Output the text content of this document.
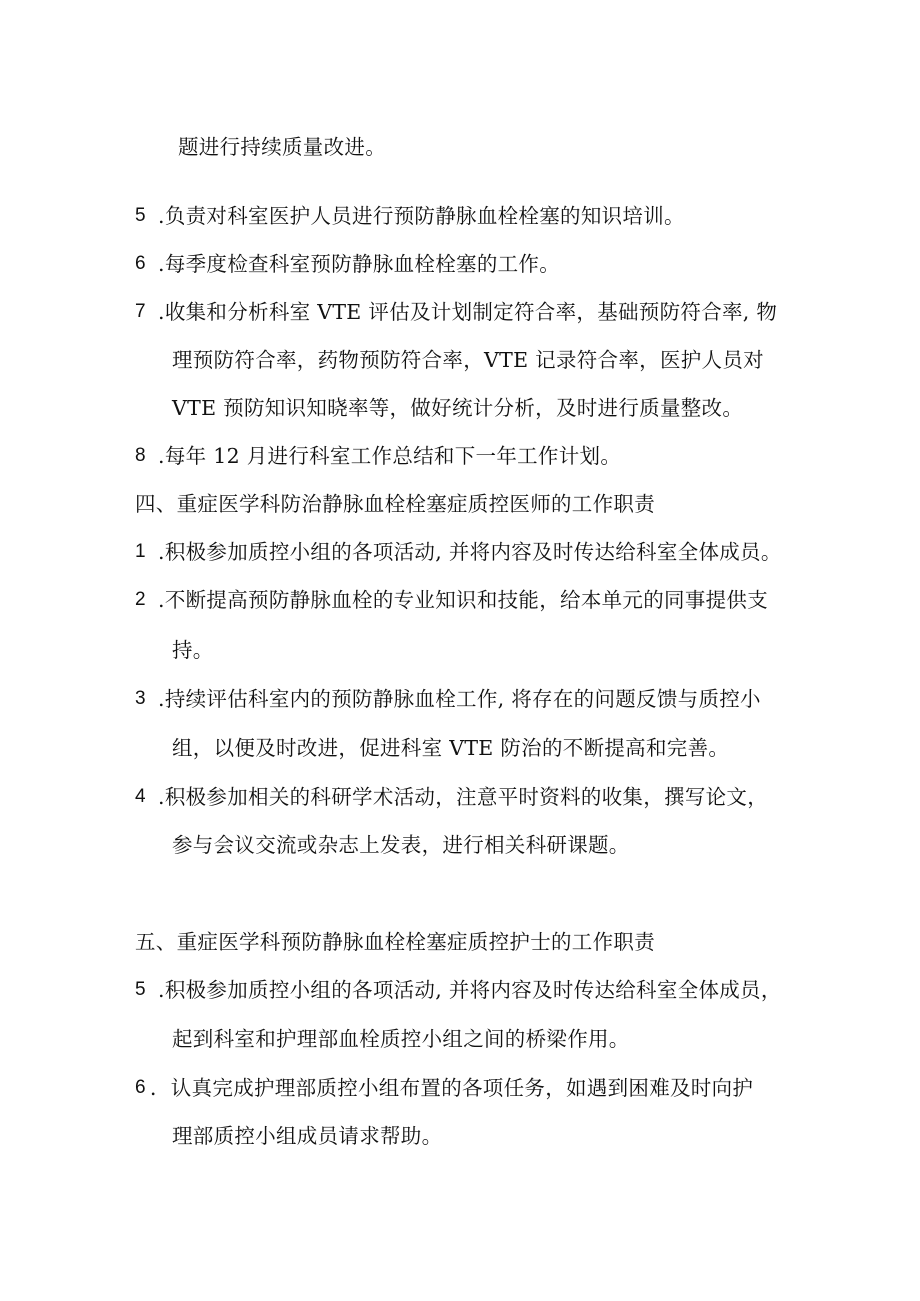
题进行持续质量改进。
5 .负责对科室医护人员进行预防静脉血栓栓塞的知识培训。
6 .每季度检查科室预防静脉血栓栓塞的工作。
7 .收集和分析科室 VTE 评估及计划制定符合率，基础预防符合率, 物
理预防符合率，药物预防符合率，VTE 记录符合率，医护人员对
VTE 预防知识知晓率等，做好统计分析，及时进行质量整改。
8 .每年 12 月进行科室工作总结和下一年工作计划。
四、重症医学科防治静脉血栓栓塞症质控医师的工作职责
1 .积极参加质控小组的各项活动, 并将内容及时传达给科室全体成员。
2 .不断提高预防静脉血栓的专业知识和技能，给本单元的同事提供支
持。
3 .持续评估科室内的预防静脉血栓工作, 将存在的问题反馈与质控小
组，以便及时改进，促进科室 VTE 防治的不断提高和完善。
4 .积极参加相关的科研学术活动，注意平时资料的收集，撰写论文，
参与会议交流或杂志上发表，进行相关科研课题。
五、重症医学科预防静脉血栓栓塞症质控护士的工作职责
5 .积极参加质控小组的各项活动, 并将内容及时传达给科室全体成员，
起到科室和护理部血栓质控小组之间的桥梁作用。
6 ．认真完成护理部质控小组布置的各项任务，如遇到困难及时向护
理部质控小组成员请求帮助。
